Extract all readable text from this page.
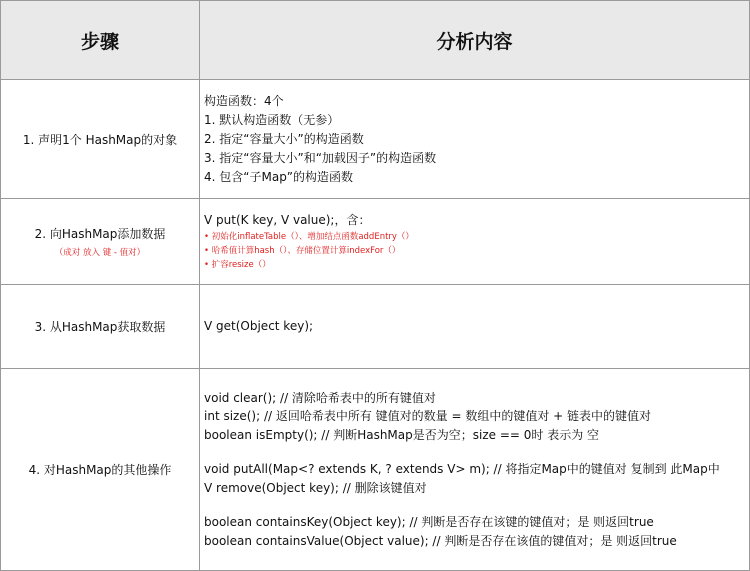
步骤	分析内容
1. 声明1个 HashMap的对象
构造函数：4个
1. 默认构造函数（无参）
2. 指定“容量大小”的构造函数
3. 指定“容量大小”和“加载因子”的构造函数
4. 包含“子Map”的构造函数
2. 向HashMap添加数据
（成对 放入 键 - 值对）
V put(K key, V value);，含：
• 初始化inflateTable（）、增加结点函数addEntry（）
• 哈希值计算hash（）、存储位置计算indexFor（）
• 扩容resize（）
3. 从HashMap获取数据	V get(Object key);
4. 对HashMap的其他操作
void clear(); // 清除哈希表中的所有键值对
int size(); // 返回哈希表中所有 键值对的数量 = 数组中的键值对 + 链表中的键值对
boolean isEmpty(); // 判断HashMap是否为空；size == 0时 表示为 空
void putAll(Map<? extends K, ? extends V> m); // 将指定Map中的键值对 复制到 此Map中
V remove(Object key); // 删除该键值对
boolean containsKey(Object key); // 判断是否存在该键的键值对；是 则返回true
boolean containsValue(Object value); // 判断是否存在该值的键值对；是 则返回true
